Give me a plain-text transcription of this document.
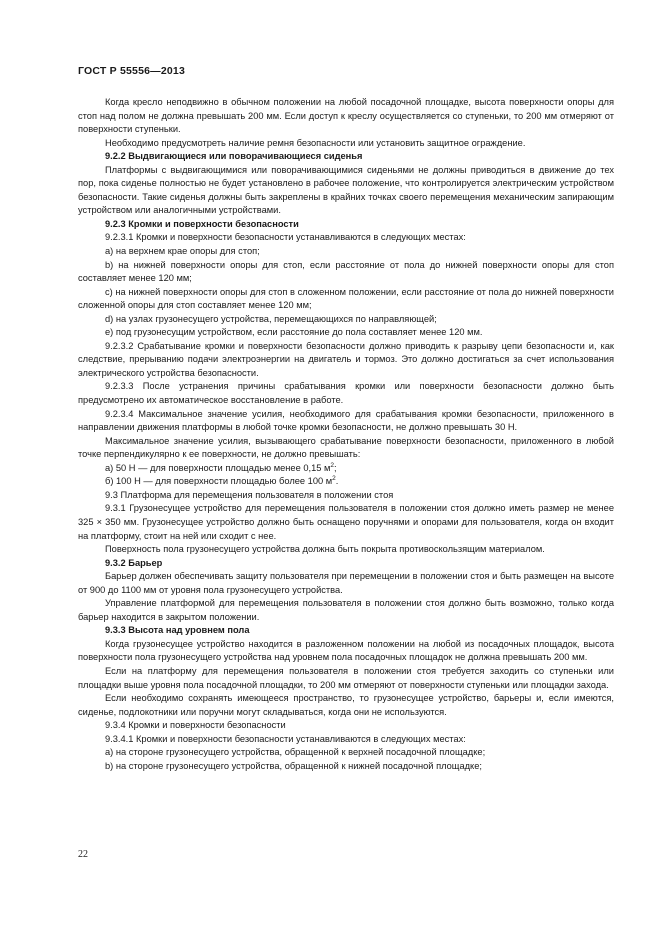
ГОСТ Р 55556—2013

Когда кресло неподвижно в обычном положении на любой посадочной площадке, высота поверхности опоры для стоп над полом не должна превышать 200 мм. Если доступ к креслу осуществляется со ступеньки, то 200 мм отмеряют от поверхности ступеньки.

Необходимо предусмотреть наличие ремня безопасности или установить защитное ограждение.

9.2.2 Выдвигающиеся или поворачивающиеся сиденья

Платформы с выдвигающимися или поворачивающимися сиденьями не должны приводиться в движение до тех пор, пока сиденье полностью не будет установлено в рабочее положение, что контролируется электрическим устройством безопасности. Такие сиденья должны быть закреплены в крайних точках своего перемещения механическим запирающим устройством или аналогичными устройствами.

9.2.3 Кромки и поверхности безопасности

9.2.3.1 Кромки и поверхности безопасности устанавливаются в следующих местах:

a) на верхнем крае опоры для стоп;

b) на нижней поверхности опоры для стоп, если расстояние от пола до нижней поверхности опоры для стоп составляет менее 120 мм;

c) на нижней поверхности опоры для стоп в сложенном положении, если расстояние от пола до нижней поверхности сложенной опоры для стоп составляет менее 120 мм;

d) на узлах грузонесущего устройства, перемещающихся по направляющей;

e) под грузонесущим устройством, если расстояние до пола составляет менее 120 мм.

9.2.3.2 Срабатывание кромки и поверхности безопасности должно приводить к разрыву цепи безопасности и, как следствие, прерыванию подачи электроэнергии на двигатель и тормоз. Это должно достигаться за счет использования электрического устройства безопасности.

9.2.3.3 После устранения причины срабатывания кромки или поверхности безопасности должно быть предусмотрено их автоматическое восстановление в работе.

9.2.3.4 Максимальное значение усилия, необходимого для срабатывания кромки безопасности, приложенного в направлении движения платформы в любой точке кромки безопасности, не должно превышать 30 Н.

Максимальное значение усилия, вызывающего срабатывание поверхности безопасности, приложенного в любой точке перпендикулярно к ее поверхности, не должно превышать:

а) 50 Н — для поверхности площадью менее 0,15 $м^2$;

б) 100 Н — для поверхности площадью более 100 $м^2$.

9.3 Платформа для перемещения пользователя в положении стоя

9.3.1 Грузонесущее устройство для перемещения пользователя в положении стоя должно иметь размер не менее 325 × 350 мм. Грузонесущее устройство должно быть оснащено поручнями и опорами для пользователя, когда он входит на платформу, стоит на ней или сходит с нее.

Поверхность пола грузонесущего устройства должна быть покрыта противоскользящим материалом.

9.3.2 Барьер

Барьер должен обеспечивать защиту пользователя при перемещении в положении стоя и быть размещен на высоте от 900 до 1100 мм от уровня пола грузонесущего устройства.

Управление платформой для перемещения пользователя в положении стоя должно быть возможно, только когда барьер находится в закрытом положении.

9.3.3 Высота над уровнем пола

Когда грузонесущее устройство находится в разложенном положении на любой из посадочных площадок, высота поверхности пола грузонесущего устройства над уровнем пола посадочных площадок не должна превышать 200 мм.

Если на платформу для перемещения пользователя в положении стоя требуется заходить со ступеньки или площадки выше уровня пола посадочной площадки, то 200 мм отмеряют от поверхности ступеньки или площадки захода.

Если необходимо сохранять имеющееся пространство, то грузонесущее устройство, барьеры и, если имеются, сиденье, подлокотники или поручни могут складываться, когда они не используются.

9.3.4 Кромки и поверхности безопасности

9.3.4.1 Кромки и поверхности безопасности устанавливаются в следующих местах:

a) на стороне грузонесущего устройства, обращенной к верхней посадочной площадке;

b) на стороне грузонесущего устройства, обращенной к нижней посадочной площадке;

22
